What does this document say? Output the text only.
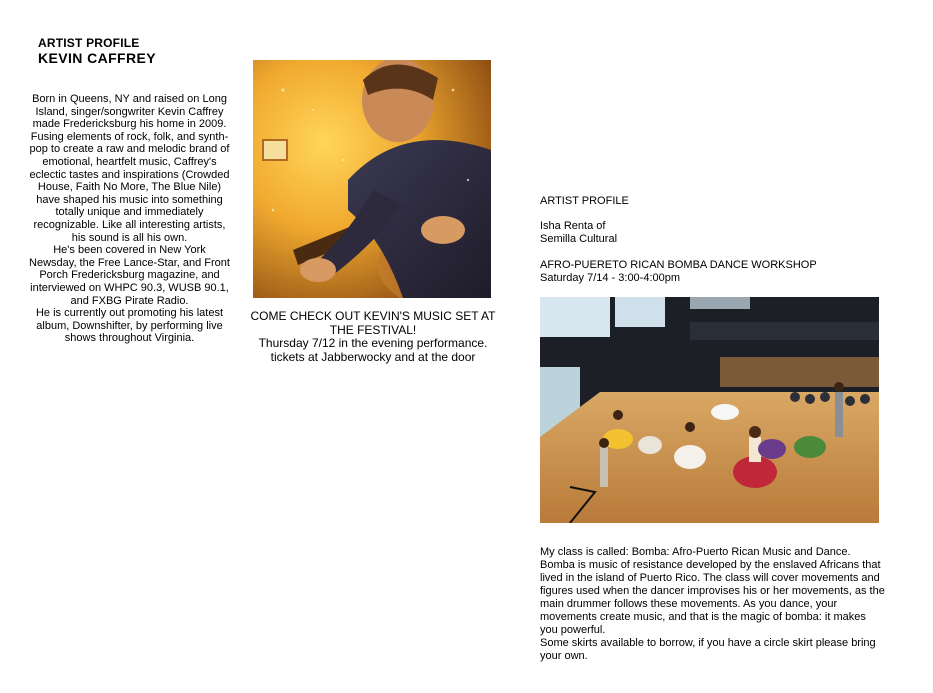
ARTIST PROFILE
KEVIN CAFFREY

Born in Queens, NY and raised on Long Island, singer/songwriter Kevin Caffrey made Fredericksburg his home in 2009. Fusing elements of rock, folk, and synth-pop to create a raw and melodic brand of emotional, heartfelt music, Caffrey's eclectic tastes and inspirations (Crowded House, Faith No More, The Blue Nile) have shaped his music into something totally unique and immediately recognizable. Like all interesting artists, his sound is all his own.

He's been covered in New York Newsday, the Free Lance-Star, and Front Porch Fredericksburg magazine, and interviewed on WHPC 90.3, WUSB 90.1, and FXBG Pirate Radio.

He is currently out promoting his latest album, Downshifter, by performing live shows throughout Virginia.

COME CHECK OUT KEVIN'S MUSIC SET AT THE FESTIVAL!
Thursday 7/12 in the evening performance.
tickets at Jabberwocky and at the door
ARTIST PROFILE
Isha Renta of
Semilla Cultural
AFRO-PUERETO RICAN BOMBA DANCE WORKSHOP
Saturday 7/14 - 3:00-4:00pm

My class is called: Bomba: Afro-Puerto Rican Music and Dance. Bomba is music of resistance developed by the enslaved Africans that lived in the island of Puerto Rico. The class will cover movements and figures used when the dancer improvises his or her movements, as the main drummer follows these movements. As you dance, your movements create music, and that is the magic of bomba: it makes you powerful.

Some skirts available to borrow, if you have a circle skirt please bring your own.
